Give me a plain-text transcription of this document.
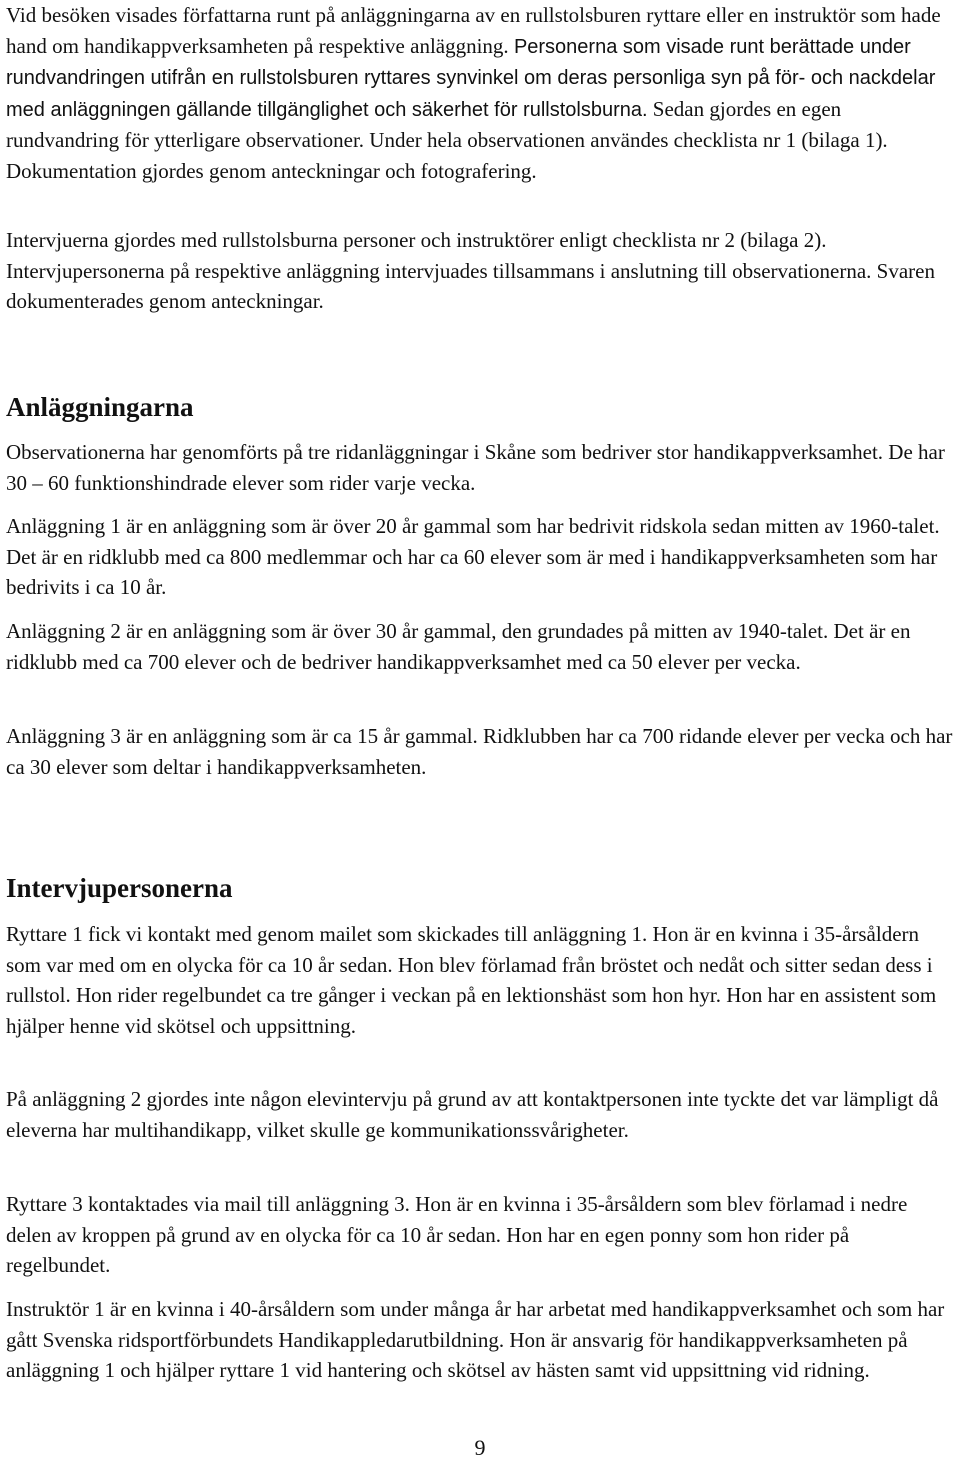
Vid besöken visades författarna runt på anläggningarna av en rullstolsburen ryttare eller en instruktör som hade hand om handikappverksamheten på respektive anläggning. Personerna som visade runt berättade under rundvandringen utifrån en rullstolsburen ryttares synvinkel om deras personliga syn på för- och nackdelar med anläggningen gällande tillgänglighet och säkerhet för rullstolsburna. Sedan gjordes en egen rundvandring för ytterligare observationer. Under hela observationen användes checklista nr 1 (bilaga 1). Dokumentation gjordes genom anteckningar och fotografering.

Intervjuerna gjordes med rullstolsburna personer och instruktörer enligt checklista nr 2 (bilaga 2). Intervjupersonerna på respektive anläggning intervjuades tillsammans i anslutning till observationerna. Svaren dokumenterades genom anteckningar.

Anläggningarna

Observationerna har genomförts på tre ridanläggningar i Skåne som bedriver stor handikappverksamhet. De har 30 – 60 funktionshindrade elever som rider varje vecka.

Anläggning 1 är en anläggning som är över 20 år gammal som har bedrivit ridskola sedan mitten av 1960-talet. Det är en ridklubb med ca 800 medlemmar och har ca 60 elever som är med i handikappverksamheten som har bedrivits i ca 10 år.

Anläggning 2 är en anläggning som är över 30 år gammal, den grundades på mitten av 1940-talet. Det är en ridklubb med ca 700 elever och de bedriver handikappverksamhet med ca 50 elever per vecka.

Anläggning 3 är en anläggning som är ca 15 år gammal. Ridklubben har ca 700 ridande elever per vecka och har ca 30 elever som deltar i handikappverksamheten.

Intervjupersonerna

Ryttare 1 fick vi kontakt med genom mailet som skickades till anläggning 1. Hon är en kvinna i 35-årsåldern som var med om en olycka för ca 10 år sedan. Hon blev förlamad från bröstet och nedåt och sitter sedan dess i rullstol. Hon rider regelbundet ca tre gånger i veckan på en lektionshäst som hon hyr. Hon har en assistent som hjälper henne vid skötsel och uppsittning.

På anläggning 2 gjordes inte någon elevintervju på grund av att kontaktpersonen inte tyckte det var lämpligt då eleverna har multihandikapp, vilket skulle ge kommunikationssvårigheter.

Ryttare 3 kontaktades via mail till anläggning 3. Hon är en kvinna i 35-årsåldern som blev förlamad i nedre delen av kroppen på grund av en olycka för ca 10 år sedan. Hon har en egen ponny som hon rider på regelbundet.

Instruktör 1 är en kvinna i 40-årsåldern som under många år har arbetat med handikappverksamhet och som har gått Svenska ridsportförbundets Handikappledarutbildning. Hon är ansvarig för handikappverksamheten på anläggning 1 och hjälper ryttare 1 vid hantering och skötsel av hästen samt vid uppsittning vid ridning.

9
